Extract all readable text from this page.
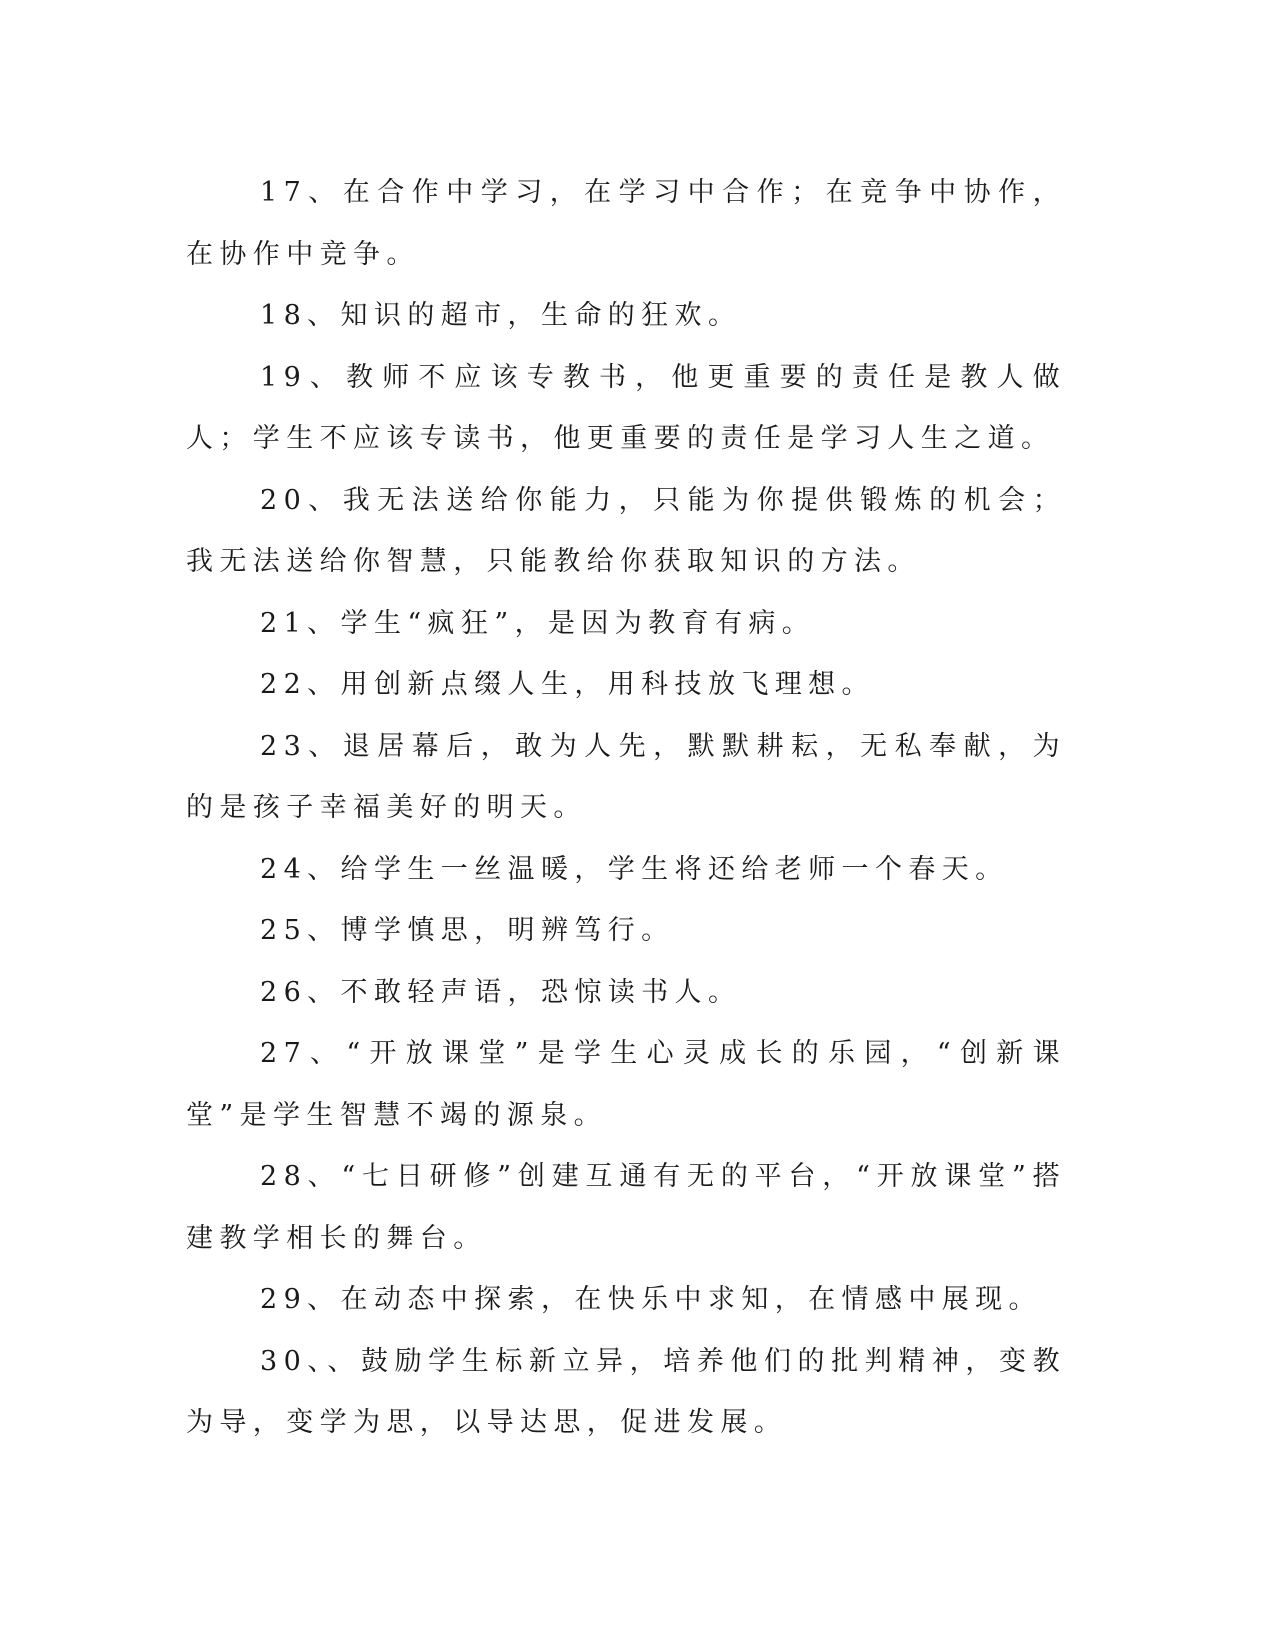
17、在合作中学习，在学习中合作；在竞争中协作，在协作中竞争。

18、知识的超市，生命的狂欢。

19、教师不应该专教书，他更重要的责任是教人做人；学生不应该专读书，他更重要的责任是学习人生之道。

20、我无法送给你能力，只能为你提供锻炼的机会；我无法送给你智慧，只能教给你获取知识的方法。

21、学生“疯狂”，是因为教育有病。

22、用创新点缀人生，用科技放飞理想。

23、退居幕后，敢为人先，默默耕耘，无私奉献，为的是孩子幸福美好的明天。

24、给学生一丝温暖，学生将还给老师一个春天。

25、博学慎思，明辨笃行。

26、不敢轻声语，恐惊读书人。

27、“开放课堂”是学生心灵成长的乐园，“创新课堂”是学生智慧不竭的源泉。

28、“七日研修”创建互通有无的平台，“开放课堂”搭建教学相长的舞台。

29、在动态中探索，在快乐中求知，在情感中展现。

30、、鼓励学生标新立异，培养他们的批判精神，变教为导，变学为思，以导达思，促进发展。
